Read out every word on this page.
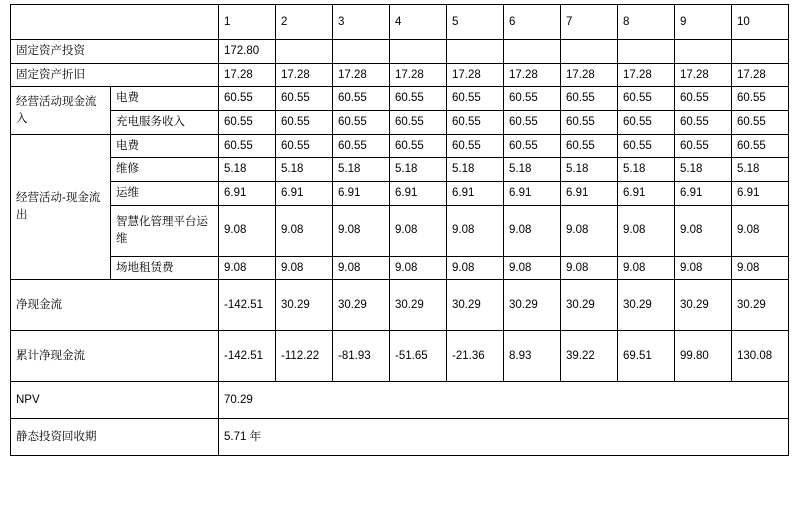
		1	2	3	4	5	6	7	8	9	10
固定资产投资		172.80									
固定资产折旧		17.28	17.28	17.28	17.28	17.28	17.28	17.28	17.28	17.28	17.28
经营活动现金流入	电费	60.55	60.55	60.55	60.55	60.55	60.55	60.55	60.55	60.55	60.55
	充电服务收入	60.55	60.55	60.55	60.55	60.55	60.55	60.55	60.55	60.55	60.55
经营活动-现金流出	电费	60.55	60.55	60.55	60.55	60.55	60.55	60.55	60.55	60.55	60.55
	维修	5.18	5.18	5.18	5.18	5.18	5.18	5.18	5.18	5.18	5.18
	运维	6.91	6.91	6.91	6.91	6.91	6.91	6.91	6.91	6.91	6.91
	智慧化管理平台运维	9.08	9.08	9.08	9.08	9.08	9.08	9.08	9.08	9.08	9.08
	场地租赁费	9.08	9.08	9.08	9.08	9.08	9.08	9.08	9.08	9.08	9.08
净现金流		-142.51	30.29	30.29	30.29	30.29	30.29	30.29	30.29	30.29	30.29
累计净现金流		-142.51	-112.22	-81.93	-51.65	-21.36	8.93	39.22	69.51	99.80	130.08
NPV		70.29									
静态投资回收期		5.71 年									
